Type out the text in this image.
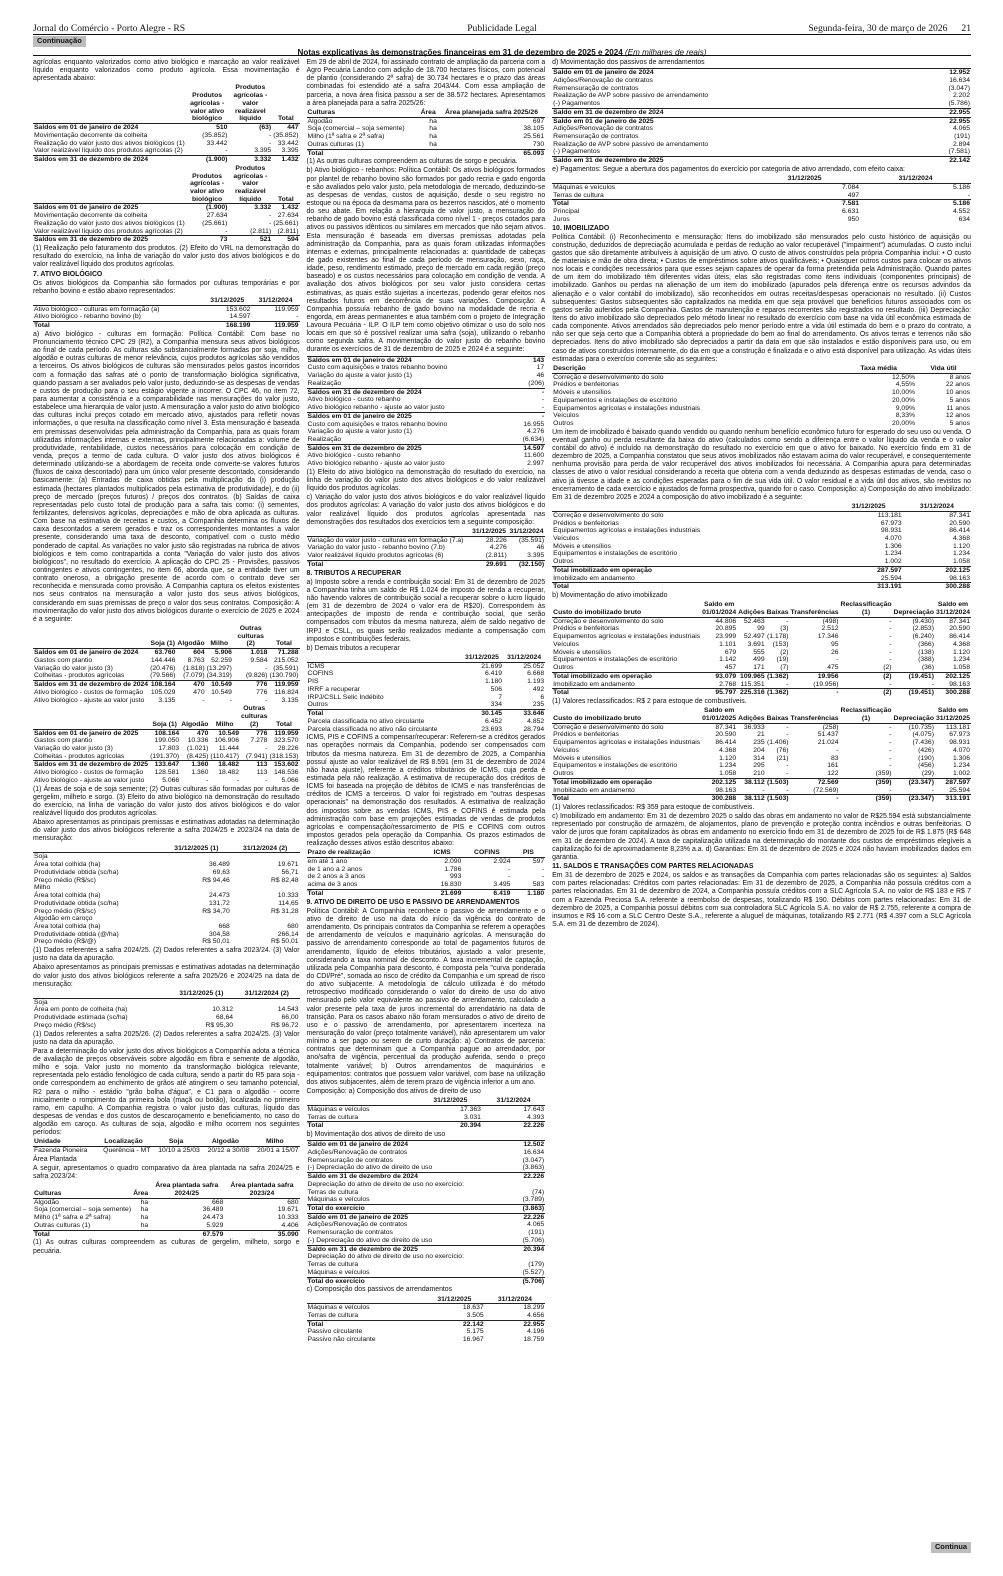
Jornal do Comércio - Porto Alegre - RS	Publicidade Legal	Segunda-feira, 30 de março de 2026 21
Notas explicativas às demonstrações financeiras em 31 de dezembro de 2025 e 2024 (Em milhares de reais)
Continuação

agrícolas enquanto valorizados como ativo biológico e marcação ao valor realizável líquido enquanto valorizados como produto agrícola. Essa movimentação é apresentada abaixo:

	Produtos agrícolas - valor ativo biológico	Produtos agrícolas - valor realizável líquido	Total
Saldos em 01 de janeiro de 2024	510	(63)	447
Movimentação decorrente da colheita	(35.852)	-	(35.852)
Realização do valor justo dos ativos biológicos (1)	33.442	-	33.442
Valor realizável líquido dos produtos agrícolas (2)	-	3.395	3.395
Saldos em 31 de dezembro de 2024	(1.900)	3.332	1.432
	Produtos agrícolas - valor ativo biológico	Produtos agrícolas - valor realizável líquido	Total
Saldos em 01 de janeiro de 2025	(1.900)	3.332	1.432
Movimentação decorrente da colheita	27.634	-	27.634
Realização do valor justo dos ativos biológicos (1)	(25.661)	-	(25.661)
Valor realizável líquido dos produtos agrícolas (2)	-	(2.811)	(2.811)
Saldos em 31 de dezembro de 2025	73	521	594

(1) Realização pelo faturamento dos produtos. (2) Efeito do VRL na demonstração do resultado do exercício, na linha de variação do valor justo dos ativos biológicos e do valor realizável líquido dos produtos agrícolas.

7. ATIVO BIOLÓGICO

Os ativos biológicos da Companhia são formados por culturas temporárias e por rebanho bovino e estão abaixo representados:

	31/12/2025	31/12/2024
Ativo biológico - culturas em formação (a)	153.602	119.959
Ativo biológico - rebanho bovino (b)	14.597	-
Total	168.199	119.959

a) Ativo biológico - culturas em formação: Política Contábil: Com base no Pronunciamento técnico CPC 29 (R2), a Companhia mensura seus ativos biológicos ao final de cada período. As culturas são substancialmente formadas por soja, milho, algodão e outras culturas de menor relevância, cujos produtos agrícolas são vendidos a terceiros. Os ativos biológicos de culturas são mensurados pelos gastos incorridos com a formação das safras até o ponto de transformação biológica significativa, quando passam a ser avaliados pelo valor justo, deduzindo-se as despesas de vendas e custos de produção para o seu estágio vigente a incorrer. O CPC 46, no item 72, para aumentar a consistência e a comparabilidade nas mensurações do valor justo, estabelece uma hierarquia de valor justo. A mensuração a valor justo do ativo biológico das culturas inclui preços cotado em mercado ativo, ajustados para refletir novas informações, o que resulta na classificação como nível 3. Esta mensuração é baseada em premissas desenvolvidas pela administração da Companhia, para as quais foram utilizadas informações internas e externas, principalmente relacionadas a: volume de produtividade, rentabilidade, custos necessários para colocação em condição de venda, preços a termo de cada cultura. O valor justo dos ativos biológicos é determinado utilizando-se a abordagem de receita onde converte-se valores futuros (fluxos de caixa descontado) para um único valor presente descontado, considerando basicamente: (a) Entradas de caixa obtidas pela multiplicação da (i) produção estimada (hectares plantados multiplicados pela estimativa de produtividade), e do (ii) preço de mercado (preços futuros) / preços dos contratos. (b) Saídas de caixa representadas pelo custo total de produção para a safra tais como: (i) sementes, fertilizantes, defensivos agrícolas, depreciações e mão de obra aplicada as culturas. Com base na estimativa de receitas e custos, a Companhia determina os fluxos de caixa descontados a serem gerados e traz os correspondentes montantes a valor presente, considerando uma taxa de desconto, compatível com o custo médio ponderado de capital. As variações no valor justo são registradas na rubrica de ativos biológicos e tem como contrapartida a conta "Variação do valor justo dos ativos biológicos", no resultado do exercício. A aplicação do CPC 25 - Provisões, passivos contingentes e ativos contingentes, no item 66, aborda que, se a entidade tiver um contrato oneroso, a obrigação presente de acordo com o contrato deve ser reconhecida e mensurada como provisão. A Companhia captura os efeitos existentes nos seus contratos na mensuração a valor justo dos seus ativos biológicos, considerando em suas premissas de preço o valor dos seus contratos. Composição: A movimentação do valor justo dos ativos biológicos durante o exercício de 2025 e 2024 é a seguinte:

	Soja (1)	Algodão	Milho	Outras culturas (2)	Total
Saldos em 01 de janeiro de 2024	63.760	604	5.906	1.018	71.288
Gastos com plantio	144.446	8.763	52.259	9.584	215.052
Variação do valor justo (3)	(20.476)	(1.818)	(13.297)	-	(35.591)
Colheitas - produtos agrícolas	(79.566)	(7.079)	(34.319)	(9.826)	(130.790)
Saldos em 31 de dezembro de 2024	108.164	470	10.549	776	119.959
Ativo biológico - custos de formação	105.029	470	10.549	776	116.824
Ativo biológico - ajuste ao valor justo	3.135	-	-	-	3.135
	Soja (1)	Algodão	Milho	Outras culturas (2)	Total
Saldos em 01 de janeiro de 2025	108.164	470	10.549	776	119.959
Gastos com plantio	199.050	10.336	106.906	7.278	323.570
Variação do valor justo (3)	17.803	(1.021)	11.444	-	28.226
Colheitas - produtos agrícolas	(191.370)	(8.425)	(110.417)	(7.941)	(318.153)
Saldos em 31 de dezembro de 2025	133.647	1.360	18.482	113	153.602
Ativo biológico - custos de formação	128.581	1.360	18.482	113	148.536
Ativo biológico - ajuste ao valor justo	5.066	-	-	-	5.066

(1) Áreas de soja e de soja semente; (2) Outras culturas são formadas por culturas de gergelim, milheto e sorgo. (3) Efeito do ativo biológico na demonstração do resultado do exercício, na linha de variação do valor justo dos ativos biológicos e do valor realizável líquido dos produtos agrícolas.

Abaixo apresentamos as principais premissas e estimativas adotadas na determinação do valor justo dos ativos biológicos referente a safra 2024/25 e 2023/24 na data de mensuração:

	31/12/2025 (1)	31/12/2024 (2)
Soja		
Área total colhida (ha)	36.489	19.671
Produtividade obtida (sc/ha)	69,63	56,71
Preço médio (R$/sc)	R$ 94,46	R$ 82,48
Milho		
Área total colhida (ha)	24.473	10.333
Produtividade obtida (sc/ha)	131,72	114,65
Preço médio (R$/sc)	R$ 34,70	R$ 31,28
Algodão em caroço		
Área total colhida (ha)	668	680
Produtividade obtida (@/ha)	304,58	266,14
Preço médio (R$/@)	R$ 50,01	R$ 50,01

(1) Dados referentes a safra 2024/25. (2) Dados referentes a safra 2023/24. (3) Valor justo na data da apuração.

Abaixo apresentamos as principais premissas e estimativas adotadas na determinação do valor justo dos ativos biológicos referente a safra 2025/26 e 2024/25 na data de mensuração:

	31/12/2025 (1)	31/12/2024 (2)
Soja		
Área em ponto de colheita (ha)	10.312	14.543
Produtividade estimada (sc/ha)	68,64	66,00
Preço médio (R$/sc)	R$ 95,30	R$ 96,72

(1) Dados referentes a safra 2025/26. (2) Dados referentes a safra 2024/25. (3) Valor justo na data da apuração.

Para a determinação do valor justo dos ativos biológicos a Companhia adota a técnica de avaliação de preços observáveis sobre algodão em fibra e semente de algodão, milho e soja. Valor justo no momento da transformação biológica relevante, representada pelo estádio fenológico de cada cultura, sendo a partir do R5 para soja - onde correspondem ao enchimento de grãos até atingirem o seu tamanho potencial, R2 para o milho - estádio "grão bolha d'água", e C1 para o algodão - ocorre inicialmente o rompimento da primeira bola (maçã ou botão), localizada no primeiro ramo, em capulho. A Companhia registra o valor justo das culturas, líquido das despesas de vendas e dos custos de descaroçamento e beneficiamento, no caso do algodão em caroço. As culturas de soja, algodão e milho ocorrem nos seguintes períodos:

Unidade	Localização	Soja	Algodão	Milho
Fazenda Pioneira	Querência - MT	10/10 a 25/03	20/12 a 30/08	20/01 a 15/07

Área Plantada

A seguir, apresentamos o quadro comparativo da área plantada na safra 2024/25 e safra 2023/24:

Culturas	Área	Área plantada safra 2024/25	Área plantada safra 2023/24
Algodão	ha	668	680
Soja (comercial – soja semente)	ha	36.489	19.671
Milho (1ª safra e 2ª safra)	ha	24.473	10.333
Outras culturas (1)	ha	5.929	4.406
Total		67.579	35.090

(1) As outras culturas compreendem as culturas de gergelim, milheto, sorgo e pecuária.

Em 29 de abril de 2024, foi assinado contrato de ampliação da parceria com a Agro Pecuária Landco com adição de 18.700 hectares físicos, com potencial de plantio (considerando 2ª safra) de 30.734 hectares e o prazo das áreas combinadas foi estendido até a safra 2043/44. Com essa ampliação de parceria, a nova área física passou a ser de 38.572 hectares. Apresentamos a área planejada para a safra 2025/26:

Culturas	Área	Área planejada safra 2025/26
Algodão	ha	697
Soja (comercial – soja semente)	ha	38.105
Milho (1ª safra e 2ª safra)	ha	25.561
Outras culturas (1)	ha	730
Total		65.093

(1) As outras culturas compreendem as culturas de sorgo e pecuária.

b) Ativo biológico - rebanhos: Política Contábil: Os ativos biológicos formados por plantel de rebanho bovino são formados por gado recria e gado engorda e são avaliados pelo valor justo, pela metodologia de mercado, deduzindo-se as despesas de vendas, custos de aquisição, desde o seu registro no estoque ou na época da desmama para os bezerros nascidos, até o momento do seu abate. Em relação a hierarquia de valor justo, a mensuração do rebanho de gado bovino está classificada como nível 1 - preços cotados para ativos ou passivos idênticos ou similares em mercados que não sejam ativos. Esta mensuração é baseada em diversas premissas adotadas pela administração da Companhia, para as quais foram utilizadas informações internas e externas, principalmente relacionadas a: quantidade de cabeças de gado existentes ao final de cada período de mensuração, sexo, raça, idade, peso, rendimento estimado, preço de mercado em cada região (preço baseado) e os custos necessários para colocação em condição de venda. A avaliação dos ativos biológicos por seu valor justo considera certas estimativas, as quais estão sujeitas a incertezas, podendo gerar efeitos nos resultados futuros em decorrência de suas variações. Composição: A Companhia possuía rebanho de gado bovino na modalidade de recria e engorda, em áreas permanentes e atua também com o projeto de Integração Lavoura Pecuária - ILP. O ILP tem como objetivo otimizar o uso do solo nos locais em que só é possível realizar uma safra (soja), utilizando o rebanho como segunda safra. A movimentação do valor justo do rebanho bovino durante os exercícios de 31 de dezembro de 2025 e 2024 é a seguinte:

Saldos em 01 de janeiro de 2024	143
Custo com aquisições e tratos rebanho bovino	17
Variação do ajuste a valor justo (1)	46
Realização	(206)
Saldos em 31 de dezembro de 2024	-
Ativo biológico - custo rebanho	-
Ativo biológico rebanho - ajuste ao valor justo	-
Saldos em 01 de janeiro de 2025	-
Custo com aquisições e tratos rebanho bovino	16.955
Variação do ajuste a valor justo (1)	4.276
Realização	(6.634)
Saldos em 31 de dezembro de 2025	14.597
Ativo biológico - custo rebanho	11.600
Ativo biológico rebanho - ajuste ao valor justo	2.997

(1) Efeito do ativo biológico na demonstração do resultado do exercício, na linha de variação do valor justo dos ativos biológicos e do valor realizável líquido dos produtos agrícolas.

c) Variação do valor justo dos ativos biológicos e do valor realizável líquido dos produtos agrícolas: A variação do valor justo dos ativos biológicos e do valor realizável líquido dos produtos agrícolas apresentada nas demonstrações dos resultados dos exercícios tem a seguinte composição:

	31/12/2025	31/12/2024
Variação do valor justo - culturas em formação (7.a)	28.226	(35.591)
Variação do valor justo - rebanho bovino (7.b)	4.276	46
Valor realizável líquido produtos agrícolas (6)	(2.811)	3.395
Total	29.691	(32.150)

8. TRIBUTOS A RECUPERAR

a) Imposto sobre a renda e contribuição social: Em 31 de dezembro de 2025 a Companhia tinha um saldo de R$ 1.024 de imposto de renda a recuperar, não havendo valores de contribuição social a recuperar sobre o lucro líquido (em 31 de dezembro de 2024 o valor era de R$20). Correspondem às antecipações de imposto de renda e contribuição social, que serão compensados com tributos da mesma natureza, além de saldo negativo de IRPJ e CSLL, os quais serão realizados mediante a compensação com impostos e contribuições federais.

b) Demais tributos a recuperar

	31/12/2025	31/12/2024
ICMS	21.699	25.052
COFINS	6.419	6.668
PIS	1.180	1.193
IRRF a recuperar	506	492
IRPJ/CSLL Selic Indébito	7	6
Outros	334	235
Total	30.145	33.646
Parcela classificada no ativo circulante	6.452	4.852
Parcela classificada no ativo não circulante	23.693	28.794

ICMS, PIS e COFINS a compensar/recuperar: Referem-se a créditos gerados nas operações normais da Companhia, podendo ser compensados com tributos da mesma natureza. Em 31 de dezembro de 2025, a Companhia possuí ajuste ao valor realizável de R$ 8.591 (em 31 de dezembro de 2024 não havia ajuste), referente a créditos tributários de ICMS, cuja perda é estimada pela não realização. A estimativa de recuperação dos créditos de ICMS foi baseada na projeção de débitos de ICMS e nas transferências de créditos de ICMS a terceiros. O valor foi registrado em "outras despesas operacionais" na demonstração dos resultados. A estimativa de realização dos impostos sobre as vendas ICMS, PIS e COFINS é estimada pela administração com base em projeções estimadas de vendas de produtos agrícolas e compensação/ressarcimento de PIS e COFINS com outros impostos gerados pela operação da Companhia. Os prazos estimados de realização desses ativos estão descritos abaixo:

Prazo de realização	ICMS	COFINS	PIS
em até 1 ano	2.090	2.924	597
de 1 ano a 2 anos	1.786	-	-
de 2 anos a 3 anos	993	-	-
acima de 3 anos	16.830	3.495	583
Total	21.699	6.419	1.180

9. ATIVO DE DIREITO DE USO E PASSIVO DE ARRENDAMENTOS

Política Contábil: A Companhia reconhece o passivo de arrendamento e o ativo de direito de uso na data do início da vigência do contrato de arrendamento. Os principais contratos da Companhia se referem a operações de arrendamento de veículos e maquinário agrícolas. A mensuração do passivo de arrendamento corresponde ao total de pagamentos futuros de arrendamento, líquido de efeitos tributários, ajustado a valor presente, considerando a taxa nominal de desconto. A taxa incremental de captação, utilizada pela Companhia para desconto, é composta pela "curva ponderada do CDI/Pré", somada ao risco de crédito da Companhia e um spread de risco do ativo subjacente. A metodologia de cálculo utilizada é do método retrospectivo modificado considerando o valor do direito de uso do ativo mensurado pelo valor equivalente ao passivo de arrendamento, calculado a valor presente pela taxa de juros incremental do arrendatário na data de transição. Para os casos abaixo não foram mensurados o ativo de direito de uso e o passivo de arrendamento, por apresentarem incerteza na mensuração do valor (preço totalmente variável), não apresentarem um valor mínimo a ser pago ou serem de curto duração: a) Contratos de parceria: contratos que determinam que a Companhia pague ao arrendador, por ano/safra de vigência, percentual da produção auferida, sendo o preço totalmente variável; b) Outros arrendamentos de maquinários e equipamentos: contratos que possuem valor variável, com base na utilização dos ativos subjacentes, além de terem prazo de vigência inferior a um ano.

Composição: a) Composição dos ativos de direito de uso

	31/12/2025	31/12/2024
Máquinas e veículos	17.363	17.643
Terras de cultura	3.031	4.393
Total	20.394	22.226

b) Movimentação dos ativos de direito de uso

Saldo em 01 de janeiro de 2024	12.502
Adições/Renovação de contratos	16.634
Remensuração de contratos	(3.047)
(-) Depreciação do ativo de direito de uso	(3.863)
Saldo em 31 de dezembro de 2024	22.226
Depreciação do ativo de direito de uso no exercício:	
Terras de cultura	(74)
Máquinas e veículos	(3.789)
Total do exercício	(3.863)
Saldo em 01 de janeiro de 2025	22.226
Adições/Renovação de contratos	4.065
Remensuração de contratos	(191)
(-) Depreciação do ativo de direito de uso	(5.706)
Saldo em 31 de dezembro de 2025	20.394
Depreciação do ativo de direito de uso no exercício:	
Terras de cultura	(179)
Máquinas e veículos	(5.527)
Total do exercício	(5.706)

c) Composição dos passivos de arrendamentos

	31/12/2025	31/12/2024
Máquinas e veículos	18.637	18.299
Terras de cultura	3.505	4.656
Total	22.142	22.955
Passivo circulante	5.175	4.196
Passivo não circulante	16.967	18.759

d) Movimentação dos passivos de arrendamentos

Saldo em 01 de janeiro de 2024	12.952
Adições/Renovação de contratos	16.634
Remensuração de contratos	(3.047)
Realização de AVP sobre passivo de arrendamento	2.202
(-) Pagamentos	(5.786)
Saldo em 31 de dezembro de 2024	22.955
Saldo em 01 de janeiro de 2025	22.955
Adições/Renovação de contratos	4.065
Remensuração de contratos	(191)
Realização de AVP sobre passivo de arrendamento	2.894
(-) Pagamentos	(7.581)
Saldo em 31 de dezembro de 2025	22.142

e) Pagamentos: Segue a abertura dos pagamentos do exercício por categoria de ativo arrendado, com efeito caixa:

	31/12/2025	31/12/2024
Máquinas e veículos	7.084	5.186
Terras de cultura	497	-
Total	7.581	5.186
Principal	6.631	4.552
Juros	950	634

10. IMOBILIZADO

Política Contábil: (i) Reconhecimento e mensuração: Itens do imobilizado são mensurados pelo custo histórico de aquisição ou construção, deduzidos de depreciação acumulada e perdas de redução ao valor recuperável ("impairment") acumuladas. O custo inclui gastos que são diretamente atribuíveis à aquisição de um ativo. O custo de ativos construídos pela própria Companhia inclui: • O custo de materiais e mão de obra direta; • Custos de empréstimos sobre ativos qualificáveis; • Quaisquer outros custos para colocar os ativos nos locais e condições necessários para que esses sejam capazes de operar da forma pretendida pela Administração. Quando partes de um item do imobilizado têm diferentes vidas úteis, elas são registradas como itens individuais (componentes principais) de imobilizado. Ganhos ou perdas na alienação de um item do imobilizado (apurados pela diferença entre os recursos advindos da alienação e o valor contábil do imobilizado), são reconhecidos em outras receitas/despesas operacionais no resultado. (ii) Custos subsequentes: Gastos subsequentes são capitalizados na medida em que seja provável que benefícios futuros associados com os gastos serão auferidos pela Companhia. Gastos de manutenção e reparos recorrentes são registrados no resultado. (iii) Depreciação: Itens do ativo imobilizado são depreciados pelo método linear no resultado do exercício com base na vida útil econômica estimada de cada componente. Ativos arrendados são depreciados pelo menor período entre a vida útil estimada do bem e o prazo do contrato, a não ser que seja certo que a Companhia obterá a propriedade do bem ao final do arrendamento. Os ativos terras e terrenos não são depreciados. Itens do ativo imobilizado são depreciados a partir da data em que são instalados e estão disponíveis para uso, ou em caso de ativos construídos internamente, do dia em que a construção é finalizada e o ativo está disponível para utilização. As vidas úteis estimadas para o exercício corrente são as seguintes:

Descrição	Taxa média	Vida útil
Correção e desenvolvimento do solo	12,50%	8 anos
Prédios e benfeitorias	4,55%	22 anos
Móveis e utensílios	10,00%	10 anos
Equipamentos e instalações de escritório	20,00%	5 anos
Equipamentos agrícolas e instalações industriais	9,09%	11 anos
Veículos	8,33%	12 anos
Outros	20,00%	5 anos

Um item de imobilizado é baixado quando vendido ou quando nenhum benefício econômico futuro for esperado do seu uso ou venda. O eventual ganho ou perda resultante da baixa do ativo (calculados como sendo a diferença entre o valor líquido da venda e o valor contábil do ativo) é incluído na demonstração do resultado no exercício em que o ativo for baixado. No exercício findo em 31 de dezembro de 2025, a Companhia constatou que seus ativos imobilizados não estavam acima do valor recuperável, e consequentemente nenhuma provisão para perda de valor recuperável dos ativos imobilizados foi necessária. A Companhia apura para determinadas classes de ativo o valor residual considerando a receita que obteria com a venda deduzindo as despesas estimadas de venda, caso o ativo já tivesse a idade e as condições esperadas para o fim de sua vida útil. O valor residual e a vida útil dos ativos, são revistos no encerramento de cada exercício e ajustados de forma prospectiva, quando for o caso. Composição: a) Composição do ativo imobilizado: Em 31 de dezembro 2025 e 2024 a composição do ativo imobilizado é a seguinte:

	31/12/2025	31/12/2024
Correção e desenvolvimento do solo	113.181	87.341
Prédios e benfeitorias	67.973	20.590
Equipamentos agrícolas e instalações industriais	98.931	86.414
Veículos	4.070	4.368
Móveis e utensílios	1.306	1.120
Equipamentos e instalações de escritório	1.234	1.234
Outros	1.002	1.058
Total imobilizado em operação	287.597	202.125
Imobilizado em andamento	25.594	98.163
Total	313.191	300.288

b) Movimentação do ativo imobilizado

Custo do imobilizado bruto	Saldo em 01/01/2024	Adições	Baixas	Transferências	Reclassificação (1)	Depreciação	Saldo em 31/12/2024
Correção e desenvolvimento do solo	44.806	52.463	-	(498)	-	(9.430)	87.341
Prédios e benfeitorias	20.895	99	(3)	2.512	-	(2.853)	20.590
Equipamentos agrícolas e instalações industriais	23.999	52.497	(1.178)	17.346	-	(6.240)	86.414
Veículos	1.101	3.691	(153)	95	-	(366)	4.368
Móveis e utensílios	679	555	(2)	26	-	(138)	1.120
Equipamentos e instalações de escritório	1.142	499	(19)	-	-	(388)	1.234
Outros	457	171	(7)	475	(2)	(36)	1.058
Total imobilizado em operação	93.079	109.965	(1.362)	19.956	(2)	(19.451)	202.125
Imobilizado em andamento	2.768	115.351	-	(19.956)	-	-	98.163
Total	95.797	225.316	(1.362)	-	(2)	(19.451)	300.288

(1) Valores reclassificados: R$ 2 para estoque de combustíveis.

Custo do imobilizado bruto	Saldo em 01/01/2025	Adições	Baixas	Transferências	Reclassificação (1)	Depreciação	Saldo em 31/12/2025
Correção e desenvolvimento do solo	87.341	36.933	-	(258)	-	(10.735)	113.181
Prédios e benfeitorias	20.590	21	-	51.437	-	(4.075)	67.973
Equipamentos agrícolas e instalações industriais	86.414	235	(1.406)	21.024	-	(7.436)	98.931
Veículos	4.368	204	(76)	-	-	(426)	4.070
Móveis e utensílios	1.120	314	(21)	83	-	(190)	1.306
Equipamentos e instalações de escritório	1.234	295	-	161	-	(456)	1.234
Outros	1.058	210	-	122	(359)	(29)	1.002
Total imobilizado em operação	202.125	38.112	(1.503)	72.569	(359)	(23.347)	287.597
Imobilizado em andamento	98.163	-	-	(72.569)	-	-	25.594
Total	300.288	38.112	(1.503)	-	(359)	(23.347)	313.191

(1) Valores reclassificados: R$ 359 para estoque de combustíveis.

c) Imobilizado em andamento: Em 31 de dezembro 2025 o saldo das obras em andamento no valor de R$25.594 está substancialmente representado por construção de armazém, de alojamentos, plano de prevenção e proteção contra incêndios e outras benfeitorias. O valor de juros que foram capitalizados às obras em andamento no exercício findo em 31 de dezembro de 2025 foi de R$ 1.875 (R$ 648 em 31 de dezembro de 2024). A taxa de capitalização utilizada na determinação do montante dos custos de empréstimos elegíveis a capitalização foi de aproximadamente 8,23% a.a. d) Garantias: Em 31 de dezembro de 2025 e 2024 não haviam imobilizados dados em garantia.

11. SALDOS E TRANSAÇÕES COM PARTES RELACIONADAS

Em 31 de dezembro de 2025 e 2024, os saldos e as transações da Companhia com partes relacionadas são os seguintes: a) Saldos com partes relacionadas: Créditos com partes relacionadas: Em 31 de dezembro de 2025, a Companhia não possuía créditos com a partes relacionadas. Em 31 de dezembro de 2024, a Companhia possuía créditos com a SLC Agrícola S.A. no valor de R$ 183 e R$ 7 com a Fazenda Preciosa S.A. referente a reembolso de despesas, totalizando R$ 190. Débitos com partes relacionadas: Em 31 de dezembro de 2025, a Companhia possuí débitos com sua controladora SLC Agrícola S.A. no valor de R$ 2.755, referente a compra de insumos e R$ 16 com a SLC Centro Oeste S.A., referente a aluguel de máquinas, totalizando R$ 2.771 (R$ 4.397 com a SLC Agrícola S.A. em 31 de dezembro de 2024).

Continua
